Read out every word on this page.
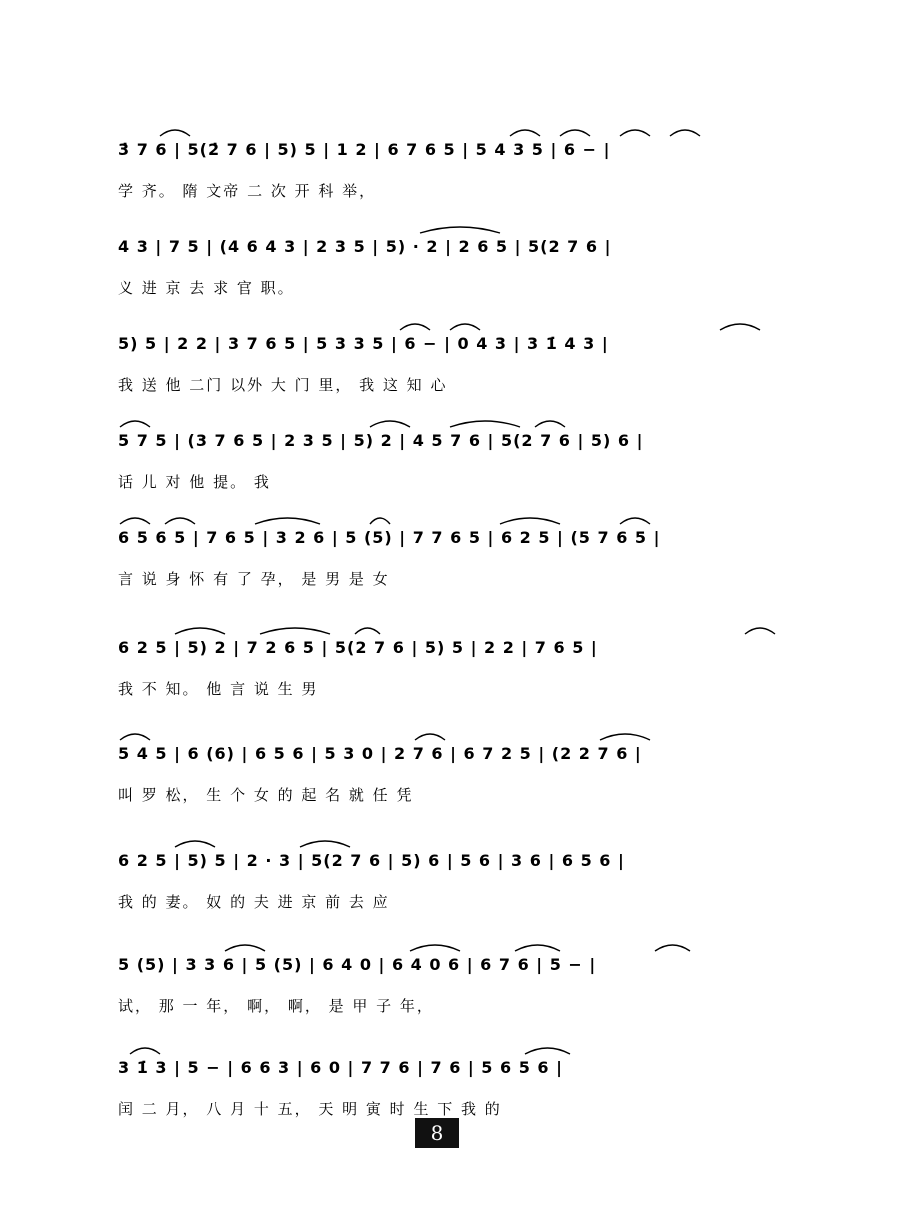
3̇ 7 6 | 5(2̇ 7 6 | 5) 5 | 1 2 | 6 7 6 5 | 5 4 3 5 | 6 − |
学 齐。 隋 文帝 二 次 开 科 举，
4 3 | 7 5 | (4 6 4 3 | 2 3 5 | 5) · 2 | 2 6 5 | 5(2 7 6 |
义 进 京 去 求 官 职。
5) 5 | 2 2 | 3 7 6 5 | 5 3 3 5 | 6 − | 0 4 3 | 3 1̇ 4 3 |
我 送 他 二门 以外 大 门 里， 我 这 知 心
5 7 5 | (3 7 6 5 | 2 3 5 | 5) 2 | 4 5 7 6 | 5(2 7 6 | 5) 6 |
话 儿 对 他 提。 我
6 5 6 5 | 7 6 5 | 3 2 6 | 5 (5) | 7 7 6 5 | 6 2 5 | (5 7 6 5 |
言 说 身 怀 有 了 孕， 是 男 是 女
6 2 5 | 5) 2 | 7 2 6 5 | 5(2 7 6 | 5) 5 | 2 2 | 7 6 5 |
我 不 知。 他 言 说 生 男
5 4 5 | 6 (6) | 6 5 6 | 5 3 0 | 2 7 6 | 6 7 2 5 | (2 2 7 6 |
叫 罗 松， 生 个 女 的 起 名 就 任 凭
6 2 5 | 5) 5 | 2 · 3 | 5(2 7 6 | 5) 6 | 5 6 | 3 6 | 6 5 6 |
我 的 妻。 奴 的 夫 进 京 前 去 应
5 (5) | 3 3 6 | 5 (5) | 6 4 0 | 6 4 0 6 | 6 7 6 | 5 − |
试， 那 一 年， 啊， 啊， 是 甲 子 年，
3 1̇ 3 | 5 − | 6 6 3 | 6 0 | 7 7 6 | 7 6 | 5 6 5 6 |
闰 二 月， 八 月 十 五， 天 明 寅 时 生 下 我 的
8
